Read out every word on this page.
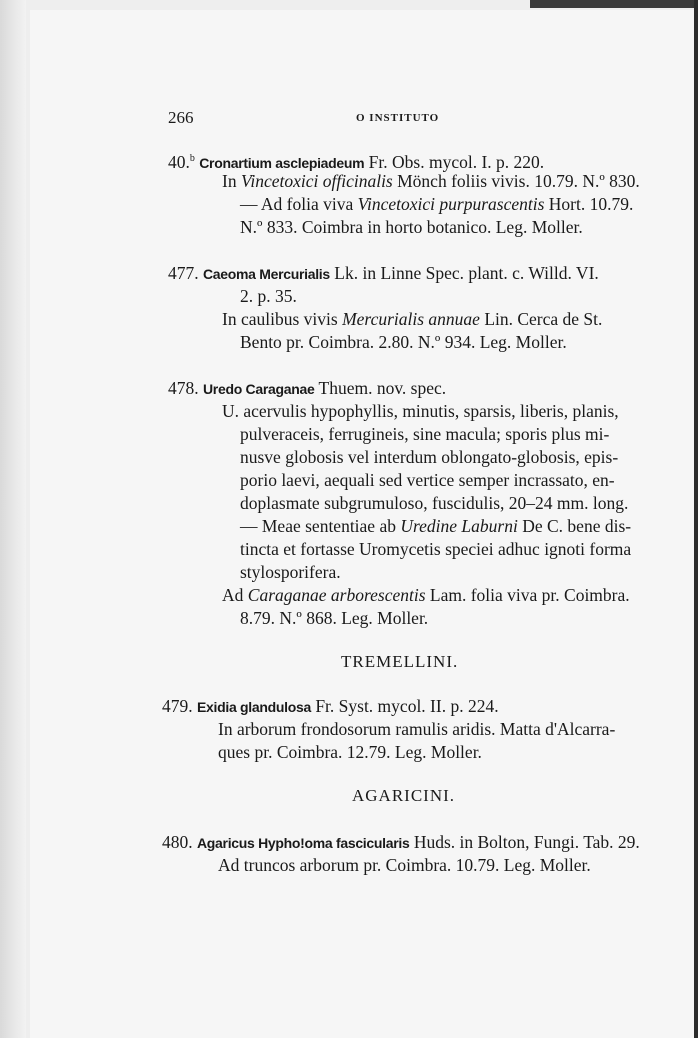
266	O INSTITUTO
40.$^b$ Cronartium asclepiadeum Fr. Obs. mycol. I. p. 220.
In Vincetoxici officinalis Mönch foliis vivis. 10.79. N.º 830.
— Ad folia viva Vincetoxici purpurascentis Hort. 10.79.
N.º 833. Coimbra in horto botanico. Leg. Moller.
477. Caeoma Mercurialis Lk. in Linne Spec. plant. c. Willd. VI.
2. p. 35.
In caulibus vivis Mercurialis annuae Lin. Cerca de St.
Bento pr. Coimbra. 2.80. N.º 934. Leg. Moller.
478. Uredo Caraganae Thuem. nov. spec.
U. acervulis hypophyllis, minutis, sparsis, liberis, planis,
pulveraceis, ferrugineis, sine macula; sporis plus mi-
nusve globosis vel interdum oblongato-globosis, epis-
porio laevi, aequali sed vertice semper incrassato, en-
doplasmate subgrumuloso, fuscidulis, 20–24 mm. long.
— Meae sententiae ab Uredine Laburni De C. bene dis-
tincta et fortasse Uromycetis speciei adhuc ignoti forma
stylosporifera.
Ad Caraganae arborescentis Lam. folia viva pr. Coimbra.
8.79. N.º 868. Leg. Moller.
TREMELLINI.
479. Exidia glandulosa Fr. Syst. mycol. II. p. 224.
In arborum frondosorum ramulis aridis. Matta d'Alcarra-
ques pr. Coimbra. 12.79. Leg. Moller.
AGARICINI.
480. Agaricus Hypho!oma fascicularis Huds. in Bolton, Fungi. Tab. 29.
Ad truncos arborum pr. Coimbra. 10.79. Leg. Moller.
